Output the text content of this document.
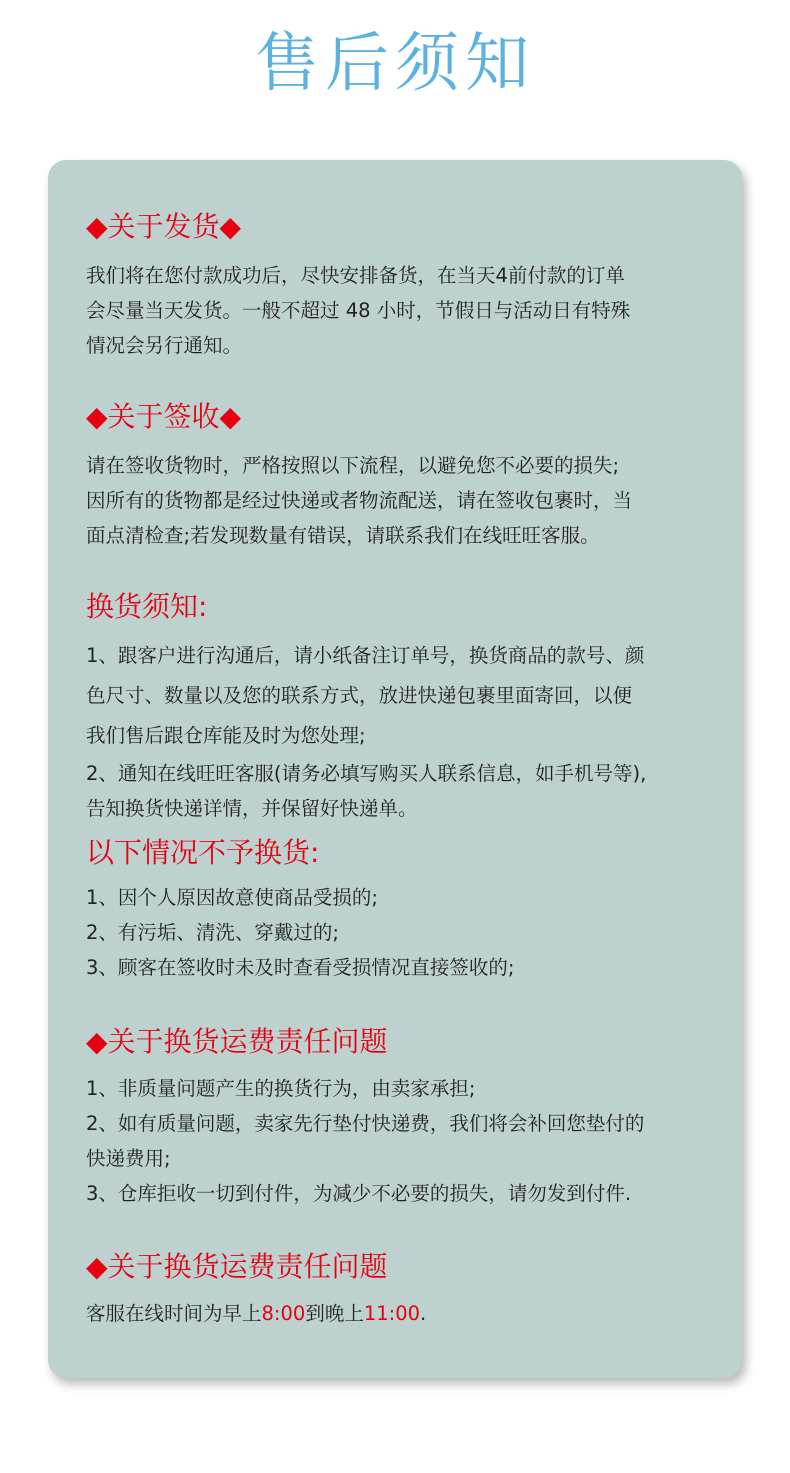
售后须知
◆关于发货◆
我们将在您付款成功后，尽快安排备货，在当天4前付款的订单
会尽量当天发货。一般不超过 48 小时，节假日与活动日有特殊
情况会另行通知。
◆关于签收◆
请在签收货物时，严格按照以下流程，以避免您不必要的损失;
因所有的货物都是经过快递或者物流配送，请在签收包裹时，当
面点清检查;若发现数量有错误，请联系我们在线旺旺客服。
换货须知:
1、跟客户进行沟通后，请小纸备注订单号，换货商品的款号、颜
色尺寸、数量以及您的联系方式，放进快递包裹里面寄回，以便
我们售后跟仓库能及时为您处理;
2、通知在线旺旺客服(请务必填写购买人联系信息，如手机号等),
告知换货快递详情，并保留好快递单。
以下情况不予换货:
1、因个人原因故意使商品受损的;
2、有污垢、清洗、穿戴过的;
3、顾客在签收时未及时查看受损情况直接签收的;
◆关于换货运费责任问题
1、非质量问题产生的换货行为，由卖家承担;
2、如有质量问题，卖家先行垫付快递费，我们将会补回您垫付的
快递费用;
3、仓库拒收一切到付件，为减少不必要的损失，请勿发到付件.
◆关于换货运费责任问题
客服在线时间为早上8:00到晚上11:00.
